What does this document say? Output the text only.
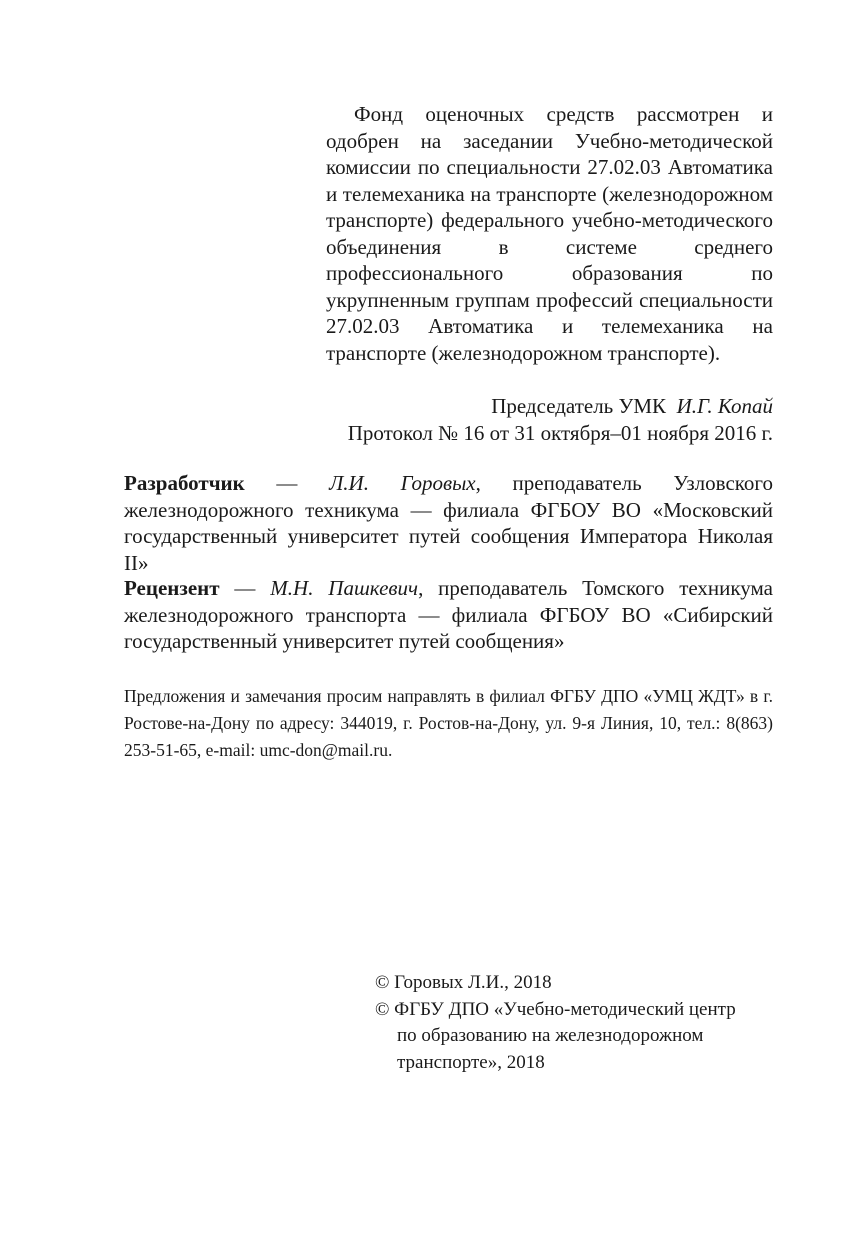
Фонд оценочных средств рассмотрен и одобрен на заседании Учебно-методической комиссии по специальности 27.02.03 Автоматика и телемеханика на транспорте (железнодорожном транспорте) федерального учебно-методического объединения в системе среднего профессионального образования по укрупненным группам профессий специальности 27.02.03 Автоматика и телемеханика на транспорте (железнодорожном транспорте).

Председатель УМК И.Г. Копай

Протокол № 16 от 31 октября–01 ноября 2016 г.

Разработчик — Л.И. Горовых, преподаватель Узловского железнодорожного техникума — филиала ФГБОУ ВО «Московский государственный университет путей сообщения Императора Николая II»

Рецензент — М.Н. Пашкевич, преподаватель Томского техникума железнодорожного транспорта — филиала ФГБОУ ВО «Сибирский государственный университет путей сообщения»

Предложения и замечания просим направлять в филиал ФГБУ ДПО «УМЦ ЖДТ» в г. Ростове-на-Дону по адресу: 344019, г. Ростов-на-Дону, ул. 9-я Линия, 10, тел.: 8(863) 253-51-65, e-mail: umc-don@mail.ru.

© Горовых Л.И., 2018
© ФГБУ ДПО «Учебно-методический центр
по образованию на железнодорожном
транспорте», 2018
